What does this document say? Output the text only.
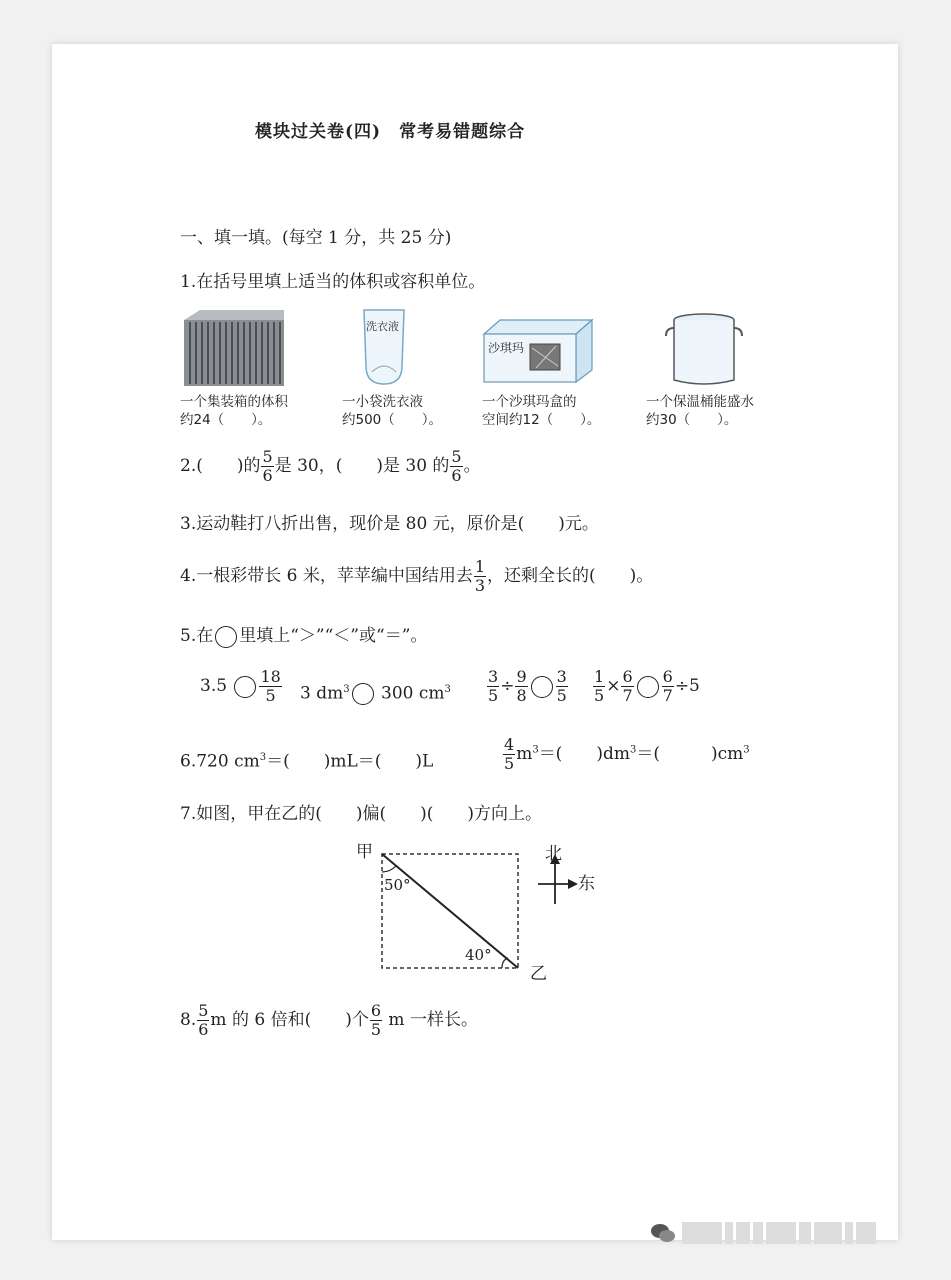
模块过关卷(四)　常考易错题综合
一、填一填。(每空 1 分，共 25 分)
1.在括号里填上适当的体积或容积单位。
洗衣液
沙琪玛
一个集装箱的体积
约24（　　）。
一小袋洗衣液
约500（　　）。
一个沙琪玛盒的
空间约12（　　）。
一个保温桶能盛水
约30（　　）。
2.(　　)的 $\frac{5}{6}$ 是 30，(　　)是 30 的 $\frac{5}{6}$ 。
3.运动鞋打八折出售，现价是 80 元，原价是(　　)元。
4.一根彩带长 6 米，苹苹编中国结用去 $\frac{1}{3}$ ，还剩全长的(　　)。
5.在 里填上“＞”“＜”或“＝”。
$3.5 \frac{18}{5} 3$ $dm^3$ 300 $cm^3 \frac{3}{5} \div \frac{9}{8} \frac{3}{5} \frac{1}{5} \times \frac{6}{7} \frac{6}{7} \div 5$
6.720 $cm^3=$(　　)mL＝(　　)L	$\frac{4}{5} m^3=$(　　)$dm^3=$(　　　)$cm^3$
7.如图，甲在乙的(　　)偏(　　)(　　)方向上。
甲
50°
40°
乙
北
东
8. $\frac{5}{6}$ m 的 6 倍和(　　)个 $\frac{6}{5}$ m 一样长。
